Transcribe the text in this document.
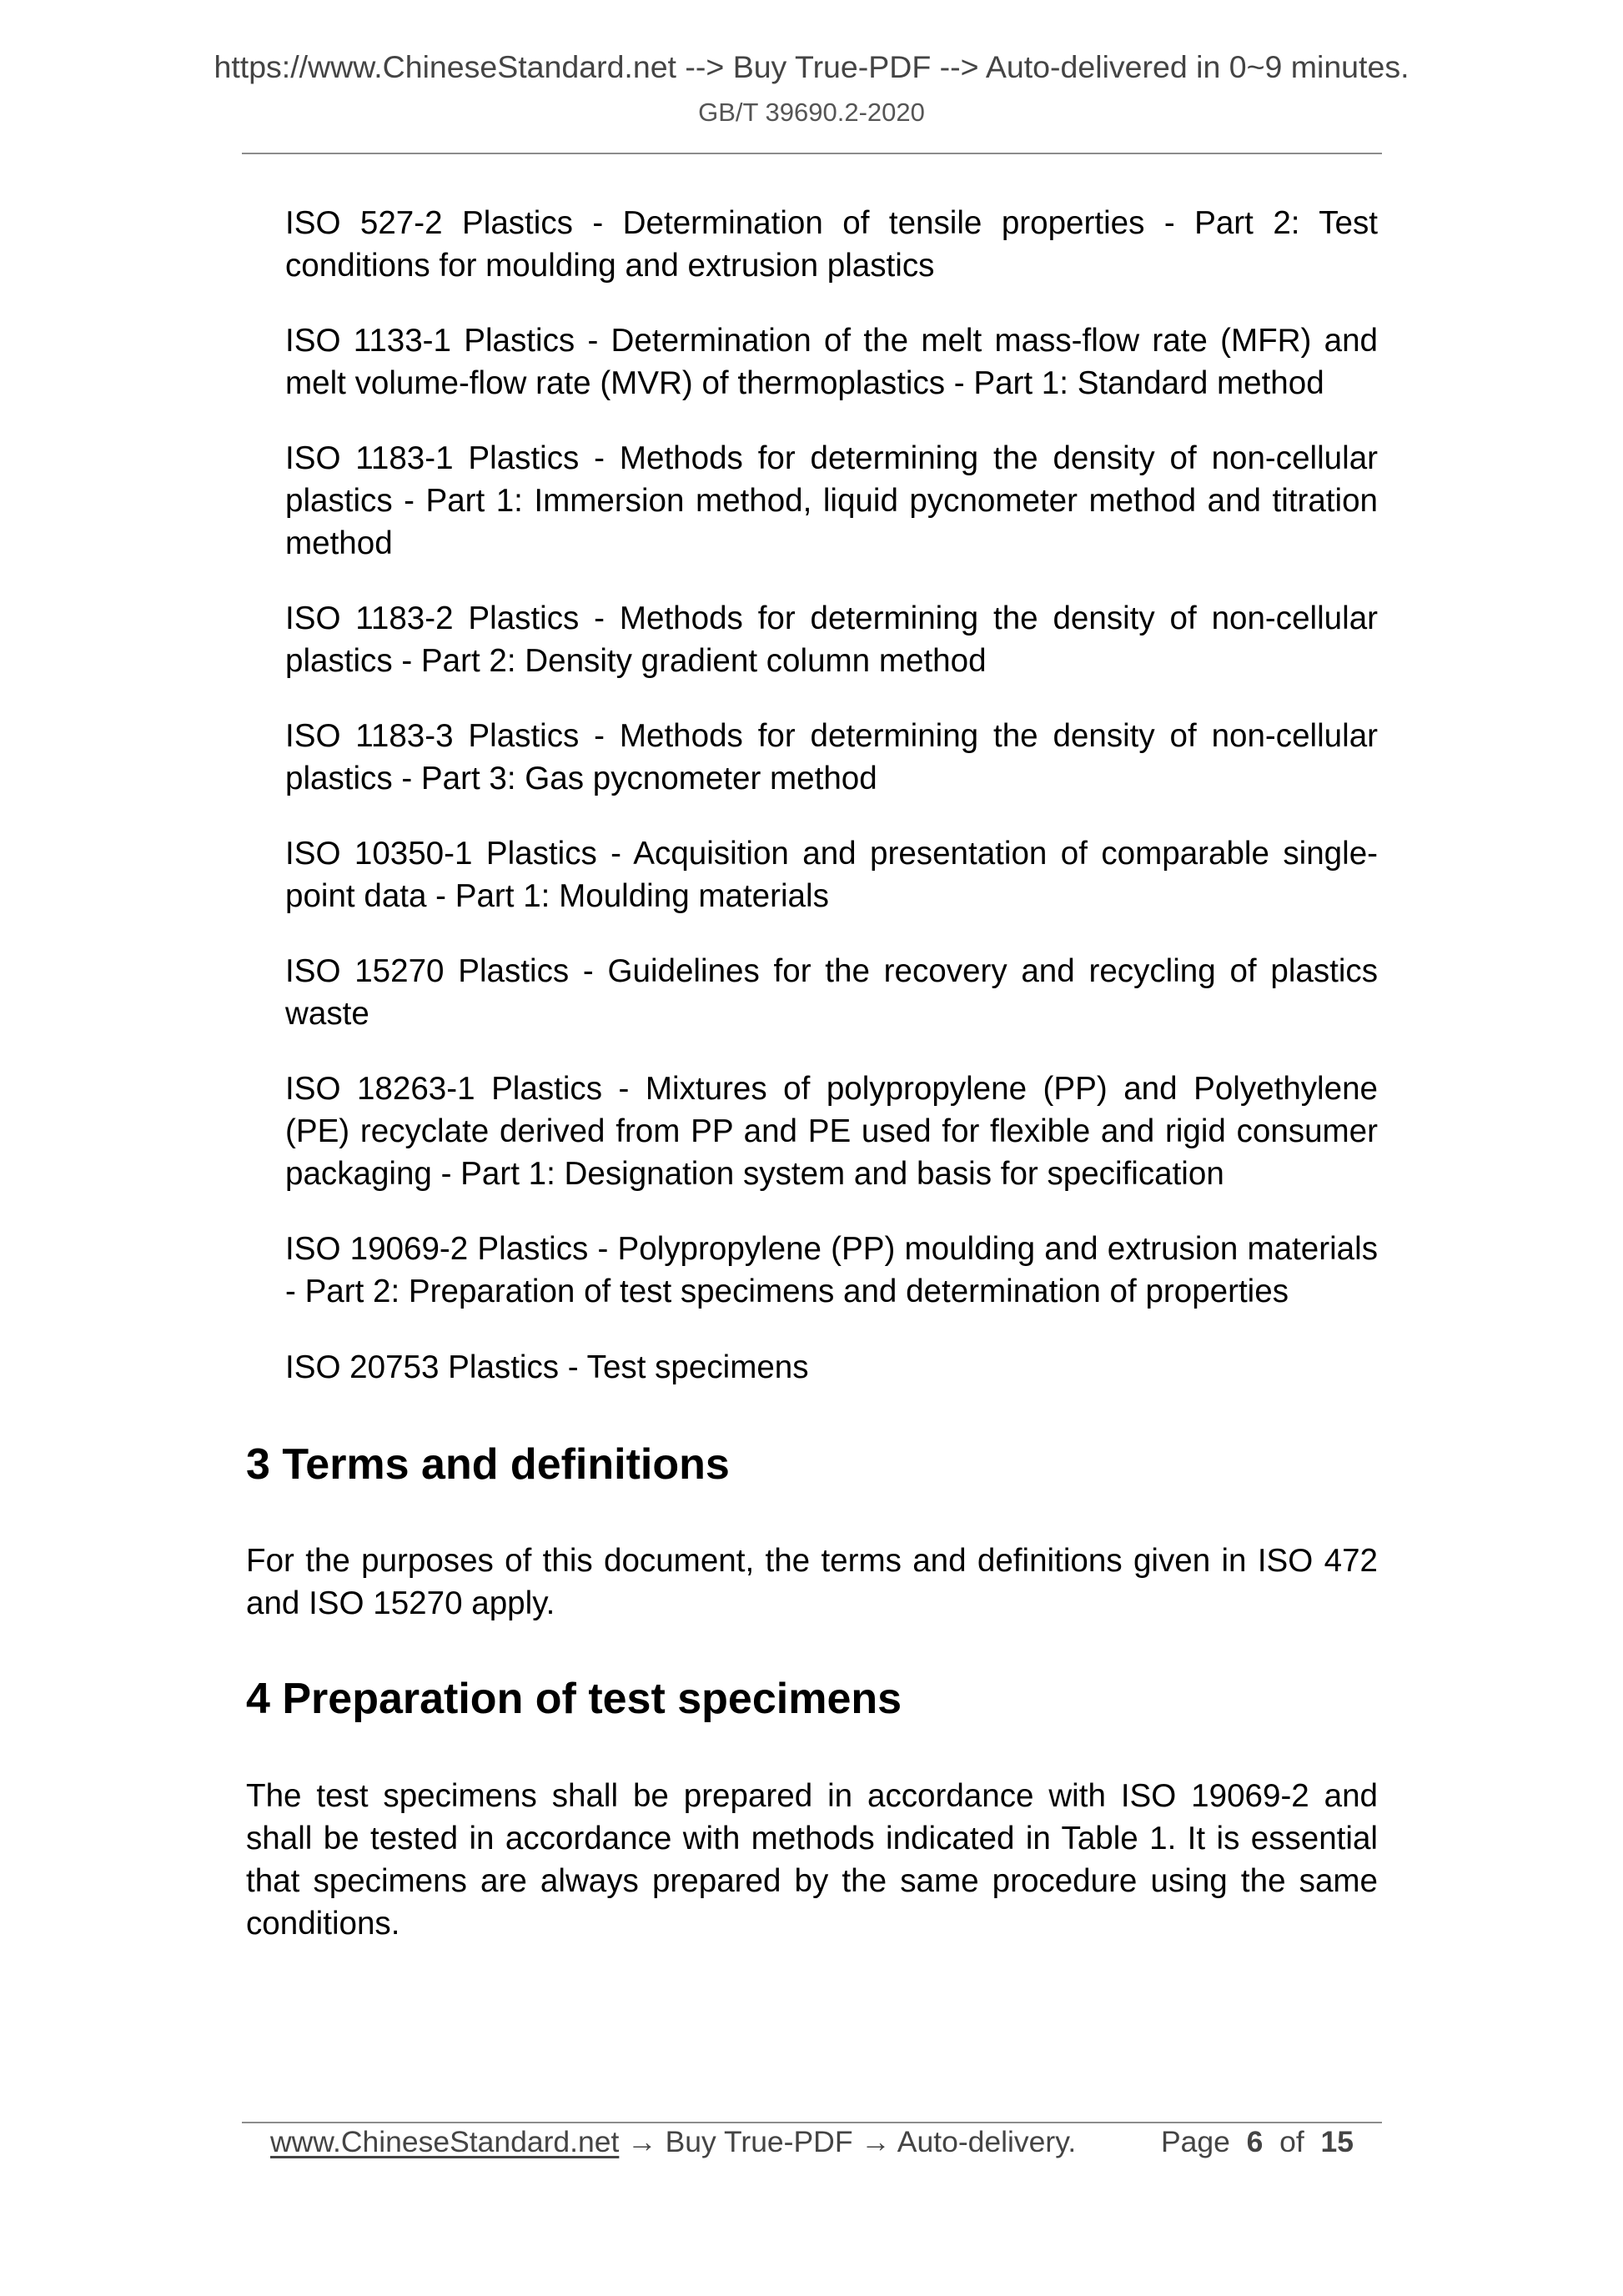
https://www.ChineseStandard.net --> Buy True-PDF --> Auto-delivered in 0~9 minutes.
GB/T 39690.2-2020
ISO 527-2 Plastics - Determination of tensile properties - Part 2: Test conditions for moulding and extrusion plastics
ISO 1133-1 Plastics - Determination of the melt mass-flow rate (MFR) and melt volume-flow rate (MVR) of thermoplastics - Part 1: Standard method
ISO 1183-1 Plastics - Methods for determining the density of non-cellular plastics - Part 1: Immersion method, liquid pycnometer method and titration method
ISO 1183-2 Plastics - Methods for determining the density of non-cellular plastics - Part 2: Density gradient column method
ISO 1183-3 Plastics - Methods for determining the density of non-cellular plastics - Part 3: Gas pycnometer method
ISO 10350-1 Plastics - Acquisition and presentation of comparable single-point data - Part 1: Moulding materials
ISO 15270 Plastics - Guidelines for the recovery and recycling of plastics waste
ISO 18263-1 Plastics - Mixtures of polypropylene (PP) and Polyethylene (PE) recyclate derived from PP and PE used for flexible and rigid consumer packaging - Part 1: Designation system and basis for specification
ISO 19069-2 Plastics - Polypropylene (PP) moulding and extrusion materials - Part 2: Preparation of test specimens and determination of properties
ISO 20753 Plastics - Test specimens
3 Terms and definitions
For the purposes of this document, the terms and definitions given in ISO 472 and ISO 15270 apply.
4 Preparation of test specimens
The test specimens shall be prepared in accordance with ISO 19069-2 and shall be tested in accordance with methods indicated in Table 1. It is essential that specimens are always prepared by the same procedure using the same conditions.
www.ChineseStandard.net → Buy True-PDF → Auto-delivery.	Page 6 of 15
